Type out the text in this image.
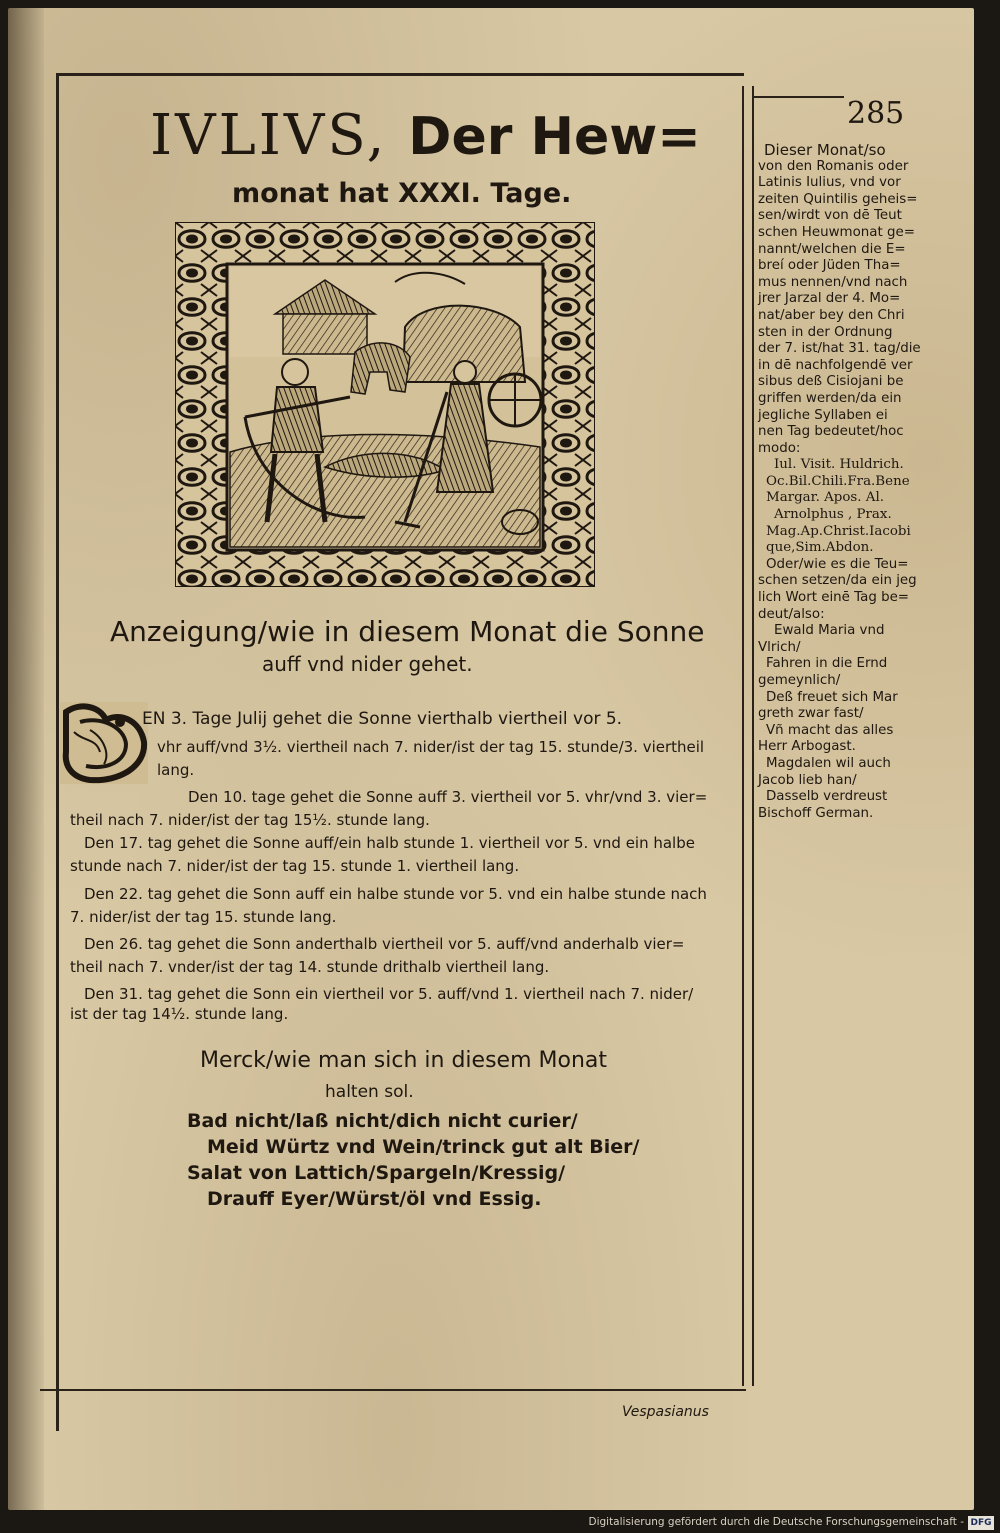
IVLIVS, Der Hew=
monat hat XXXI. Tage.
285
Anzeigung/wie in diesem Monat die Sonne
auff vnd nider gehet.
EN 3. Tage Julij gehet die Sonne vierthalb viertheil vor 5.
vhr auff/vnd 3½. viertheil nach 7. nider/ist der tag 15. stunde/3. viertheil
lang.
Den 10. tage gehet die Sonne auff 3. viertheil vor 5. vhr/vnd 3. vier=
theil nach 7. nider/ist der tag 15½. stunde lang.
Den 17. tag gehet die Sonne auff/ein halb stunde 1. viertheil vor 5. vnd ein halbe
stunde nach 7. nider/ist der tag 15. stunde 1. viertheil lang.
Den 22. tag gehet die Sonn auff ein halbe stunde vor 5. vnd ein halbe stunde nach
7. nider/ist der tag 15. stunde lang.
Den 26. tag gehet die Sonn anderthalb viertheil vor 5. auff/vnd anderhalb vier=
theil nach 7. vnder/ist der tag 14. stunde drithalb viertheil lang.
Den 31. tag gehet die Sonn ein viertheil vor 5. auff/vnd 1. viertheil nach 7. nider/
ist der tag 14½. stunde lang.
Merck/wie man sich in diesem Monat
halten sol.
Bad nicht/laß nicht/dich nicht curier/
Meid Würtz vnd Wein/trinck gut alt Bier/
Salat von Lattich/Spargeln/Kressig/
Drauff Eyer/Würst/öl vnd Essig.
Dieser Monat/so
von den Romanis oder
Latinis Iulius, vnd vor
zeiten Quintilis geheis=
sen/wirdt von dē Teut
schen Heuwmonat ge=
nannt/welchen die E=
breí oder Jüden Tha=
mus nennen/vnd nach
jrer Jarzal der 4. Mo=
nat/aber bey den Chri
sten in der Ordnung
der 7. ist/hat 31. tag/die
in dē nachfolgendē ver
sibus deß Cisiojani be
griffen werden/da ein
jegliche Syllaben ei
nen Tag bedeutet/hoc
modo:
Iul. Visit. Huldrich.
Oc.Bil.Chili.Fra.Bene
Margar. Apos. Al.
Arnolphus , Prax.
Mag.Ap.Christ.Iacobi
que,Sim.Abdon.
Oder/wie es die Teu=
schen setzen/da ein jeg
lich Wort einē Tag be=
deut/also:
Ewald Maria vnd
Vlrich/
Fahren in die Ernd
gemeynlich/
Deß freuet sich Mar
greth zwar fast/
Vñ macht das alles
Herr Arbogast.
Magdalen wil auch
Jacob lieb han/
Dasselb verdreust
Bischoff German.
Vespasianus
Digitalisierung gefördert durch die Deutsche Forschungsgemeinschaft - DFG
